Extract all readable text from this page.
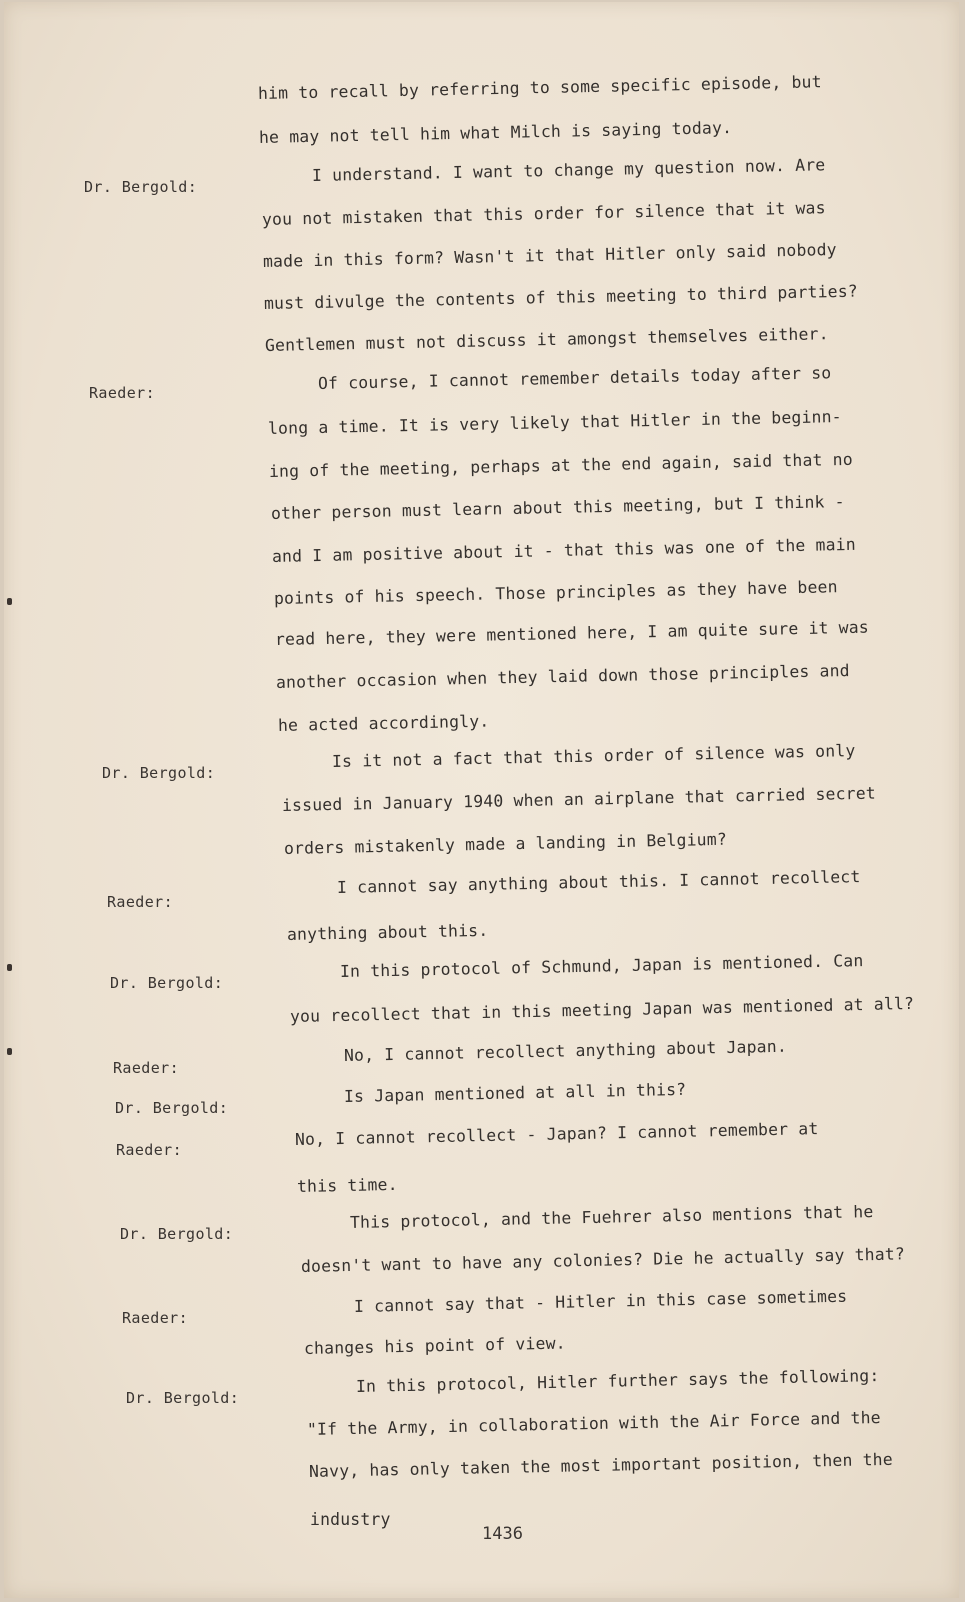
Dr. Bergold:
Raeder:
Dr. Bergold:
Raeder:
Dr. Bergold:
Raeder:
Dr. Bergold:
Raeder:
Dr. Bergold:
Raeder:
Dr. Bergold:
him to recall by referring to some specific episode, but
he may not tell him what Milch is saying today.
I understand. I want to change my question now. Are
you not mistaken that this order for silence that it was
made in this form? Wasn't it that Hitler only said nobody
must divulge the contents of this meeting to third parties?
Gentlemen must not discuss it amongst themselves either.
Of course, I cannot remember details today after so
long a time. It is very likely that Hitler in the beginn-
ing of the meeting, perhaps at the end again, said that no
other person must learn about this meeting, but I think -
and I am positive about it - that this was one of the main
points of his speech. Those principles as they have been
read here, they were mentioned here, I am quite sure it was
another occasion when they laid down those principles and
he acted accordingly.
Is it not a fact that this order of silence was only
issued in January 1940 when an airplane that carried secret
orders mistakenly made a landing in Belgium?
I cannot say anything about this. I cannot recollect
anything about this.
In this protocol of Schmund, Japan is mentioned. Can
you recollect that in this meeting Japan was mentioned at all?
No, I cannot recollect anything about Japan.
Is Japan mentioned at all in this?
No, I cannot recollect - Japan? I cannot remember at
this time.
This protocol, and the Fuehrer also mentions that he
doesn't want to have any colonies? Die he actually say that?
I cannot say that - Hitler in this case sometimes
changes his point of view.
In this protocol, Hitler further says the following:
"If the Army, in collaboration with the Air Force and the
Navy, has only taken the most important position, then the
industry
1436
